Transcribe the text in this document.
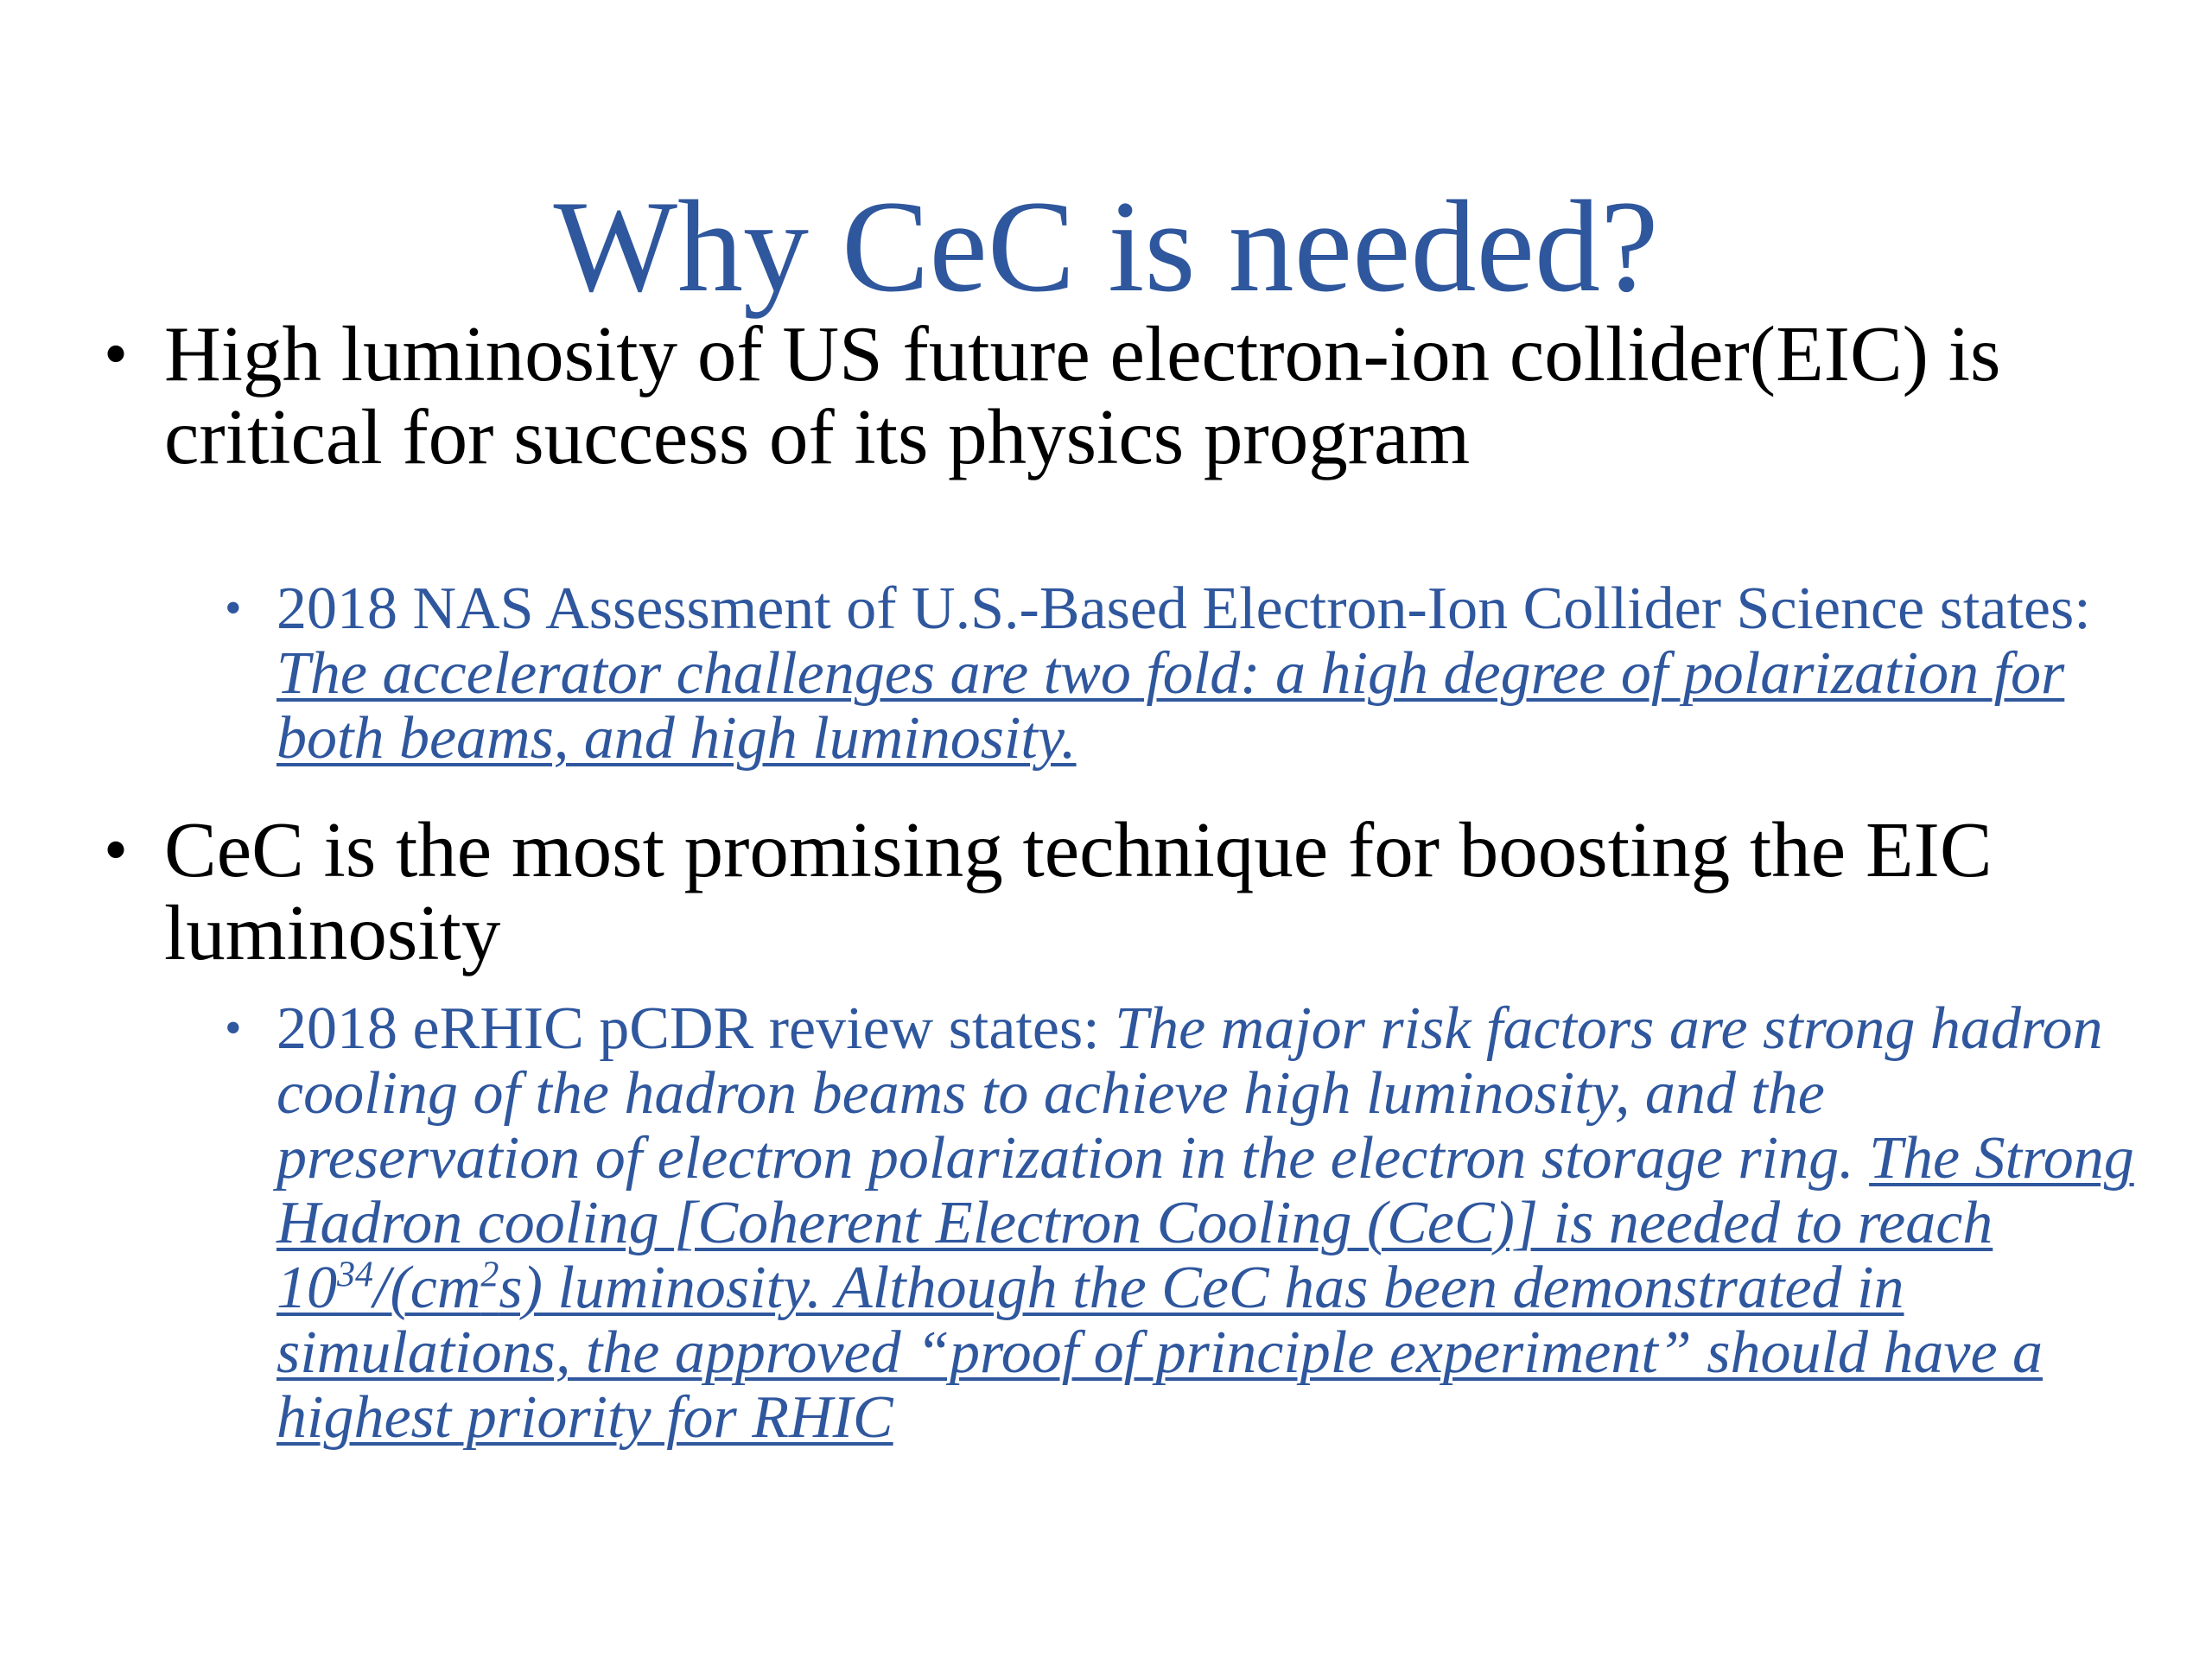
Why CeC is needed?
• High luminosity of US future electron-ion collider(EIC) is critical for success of its physics program
• 2018 NAS Assessment of U.S.-Based Electron-Ion Collider Science states: The accelerator challenges are two fold: a high degree of polarization for both beams, and high luminosity.
• CeC is the most promising technique for boosting the EIC luminosity
• 2018 eRHIC pCDR review states: The major risk factors are strong hadron cooling of the hadron beams to achieve high luminosity, and the preservation of electron polarization in the electron storage ring. The Strong Hadron cooling [Coherent Electron Cooling (CeC)] is needed to reach $10^{34}/(cm^2s)$ luminosity. Although the CeC has been demonstrated in simulations, the approved “proof of principle experiment” should have a highest priority for RHIC
